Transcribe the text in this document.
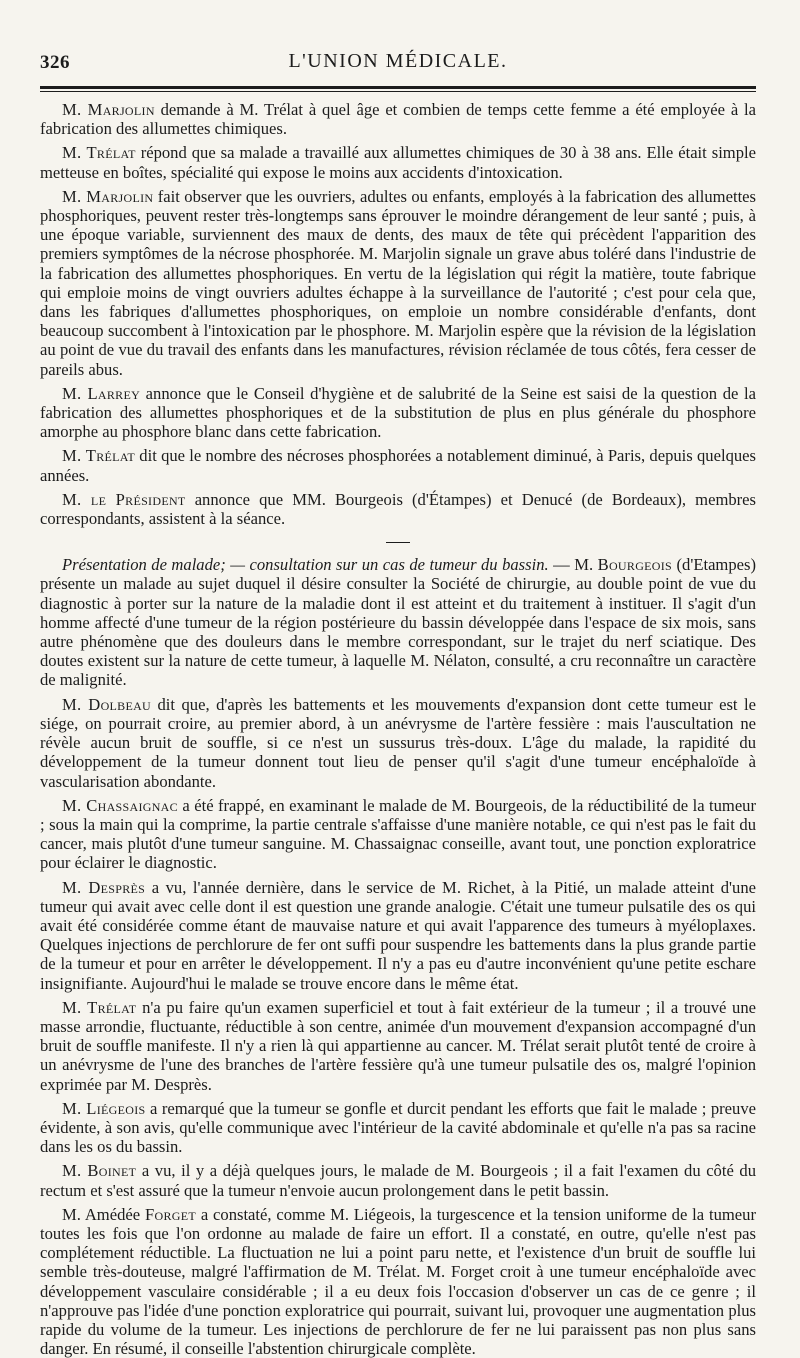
326	L'UNION MÉDICALE.

M. Marjolin demande à M. Trélat à quel âge et combien de temps cette femme a été employée à la fabrication des allumettes chimiques.

M. Trélat répond que sa malade a travaillé aux allumettes chimiques de 30 à 38 ans. Elle était simple metteuse en boîtes, spécialité qui expose le moins aux accidents d'intoxication.

M. Marjolin fait observer que les ouvriers, adultes ou enfants, employés à la fabrication des allumettes phosphoriques, peuvent rester très-longtemps sans éprouver le moindre dérangement de leur santé ; puis, à une époque variable, surviennent des maux de dents, des maux de tête qui précèdent l'apparition des premiers symptômes de la nécrose phosphorée. M. Marjolin signale un grave abus toléré dans l'industrie de la fabrication des allumettes phosphoriques. En vertu de la législation qui régit la matière, toute fabrique qui emploie moins de vingt ouvriers adultes échappe à la surveillance de l'autorité ; c'est pour cela que, dans les fabriques d'allumettes phosphoriques, on emploie un nombre considérable d'enfants, dont beaucoup succombent à l'intoxication par le phosphore. M. Marjolin espère que la révision de la législation au point de vue du travail des enfants dans les manufactures, révision réclamée de tous côtés, fera cesser de pareils abus.

M. Larrey annonce que le Conseil d'hygiène et de salubrité de la Seine est saisi de la question de la fabrication des allumettes phosphoriques et de la substitution de plus en plus générale du phosphore amorphe au phosphore blanc dans cette fabrication.

M. Trélat dit que le nombre des nécroses phosphorées a notablement diminué, à Paris, depuis quelques années.

M. le Président annonce que MM. Bourgeois (d'Étampes) et Denucé (de Bordeaux), membres correspondants, assistent à la séance.

Présentation de malade; — consultation sur un cas de tumeur du bassin. — M. Bourgeois (d'Etampes) présente un malade au sujet duquel il désire consulter la Société de chirurgie, au double point de vue du diagnostic à porter sur la nature de la maladie dont il est atteint et du traitement à instituer. Il s'agit d'un homme affecté d'une tumeur de la région postérieure du bassin développée dans l'espace de six mois, sans autre phénomène que des douleurs dans le membre correspondant, sur le trajet du nerf sciatique. Des doutes existent sur la nature de cette tumeur, à laquelle M. Nélaton, consulté, a cru reconnaître un caractère de malignité.

M. Dolbeau dit que, d'après les battements et les mouvements d'expansion dont cette tumeur est le siége, on pourrait croire, au premier abord, à un anévrysme de l'artère fessière : mais l'auscultation ne révèle aucun bruit de souffle, si ce n'est un sussurus très-doux. L'âge du malade, la rapidité du développement de la tumeur donnent tout lieu de penser qu'il s'agit d'une tumeur encéphaloïde à vascularisation abondante.

M. Chassaignac a été frappé, en examinant le malade de M. Bourgeois, de la réductibilité de la tumeur ; sous la main qui la comprime, la partie centrale s'affaisse d'une manière notable, ce qui n'est pas le fait du cancer, mais plutôt d'une tumeur sanguine. M. Chassaignac conseille, avant tout, une ponction exploratrice pour éclairer le diagnostic.

M. Desprès a vu, l'année dernière, dans le service de M. Richet, à la Pitié, un malade atteint d'une tumeur qui avait avec celle dont il est question une grande analogie. C'était une tumeur pulsatile des os qui avait été considérée comme étant de mauvaise nature et qui avait l'apparence des tumeurs à myéloplaxes. Quelques injections de perchlorure de fer ont suffi pour suspendre les battements dans la plus grande partie de la tumeur et pour en arrêter le développement. Il n'y a pas eu d'autre inconvénient qu'une petite eschare insignifiante. Aujourd'hui le malade se trouve encore dans le même état.

M. Trélat n'a pu faire qu'un examen superficiel et tout à fait extérieur de la tumeur ; il a trouvé une masse arrondie, fluctuante, réductible à son centre, animée d'un mouvement d'expansion accompagné d'un bruit de souffle manifeste. Il n'y a rien là qui appartienne au cancer. M. Trélat serait plutôt tenté de croire à un anévrysme de l'une des branches de l'artère fessière qu'à une tumeur pulsatile des os, malgré l'opinion exprimée par M. Desprès.

M. Liégeois a remarqué que la tumeur se gonfle et durcit pendant les efforts que fait le malade ; preuve évidente, à son avis, qu'elle communique avec l'intérieur de la cavité abdominale et qu'elle n'a pas sa racine dans les os du bassin.

M. Boinet a vu, il y a déjà quelques jours, le malade de M. Bourgeois ; il a fait l'examen du côté du rectum et s'est assuré que la tumeur n'envoie aucun prolongement dans le petit bassin.

M. Amédée Forget a constaté, comme M. Liégeois, la turgescence et la tension uniforme de la tumeur toutes les fois que l'on ordonne au malade de faire un effort. Il a constaté, en outre, qu'elle n'est pas complétement réductible. La fluctuation ne lui a point paru nette, et l'existence d'un bruit de souffle lui semble très-douteuse, malgré l'affirmation de M. Trélat. M. Forget croit à une tumeur encéphaloïde avec développement vasculaire considérable ; il a eu deux fois l'occasion d'observer un cas de ce genre ; il n'approuve pas l'idée d'une ponction exploratrice qui pourrait, suivant lui, provoquer une augmentation plus rapide du volume de la tumeur. Les injections de perchlorure de fer ne lui paraissent pas non plus sans danger. En résumé, il conseille l'abstention chirurgicale complète.
